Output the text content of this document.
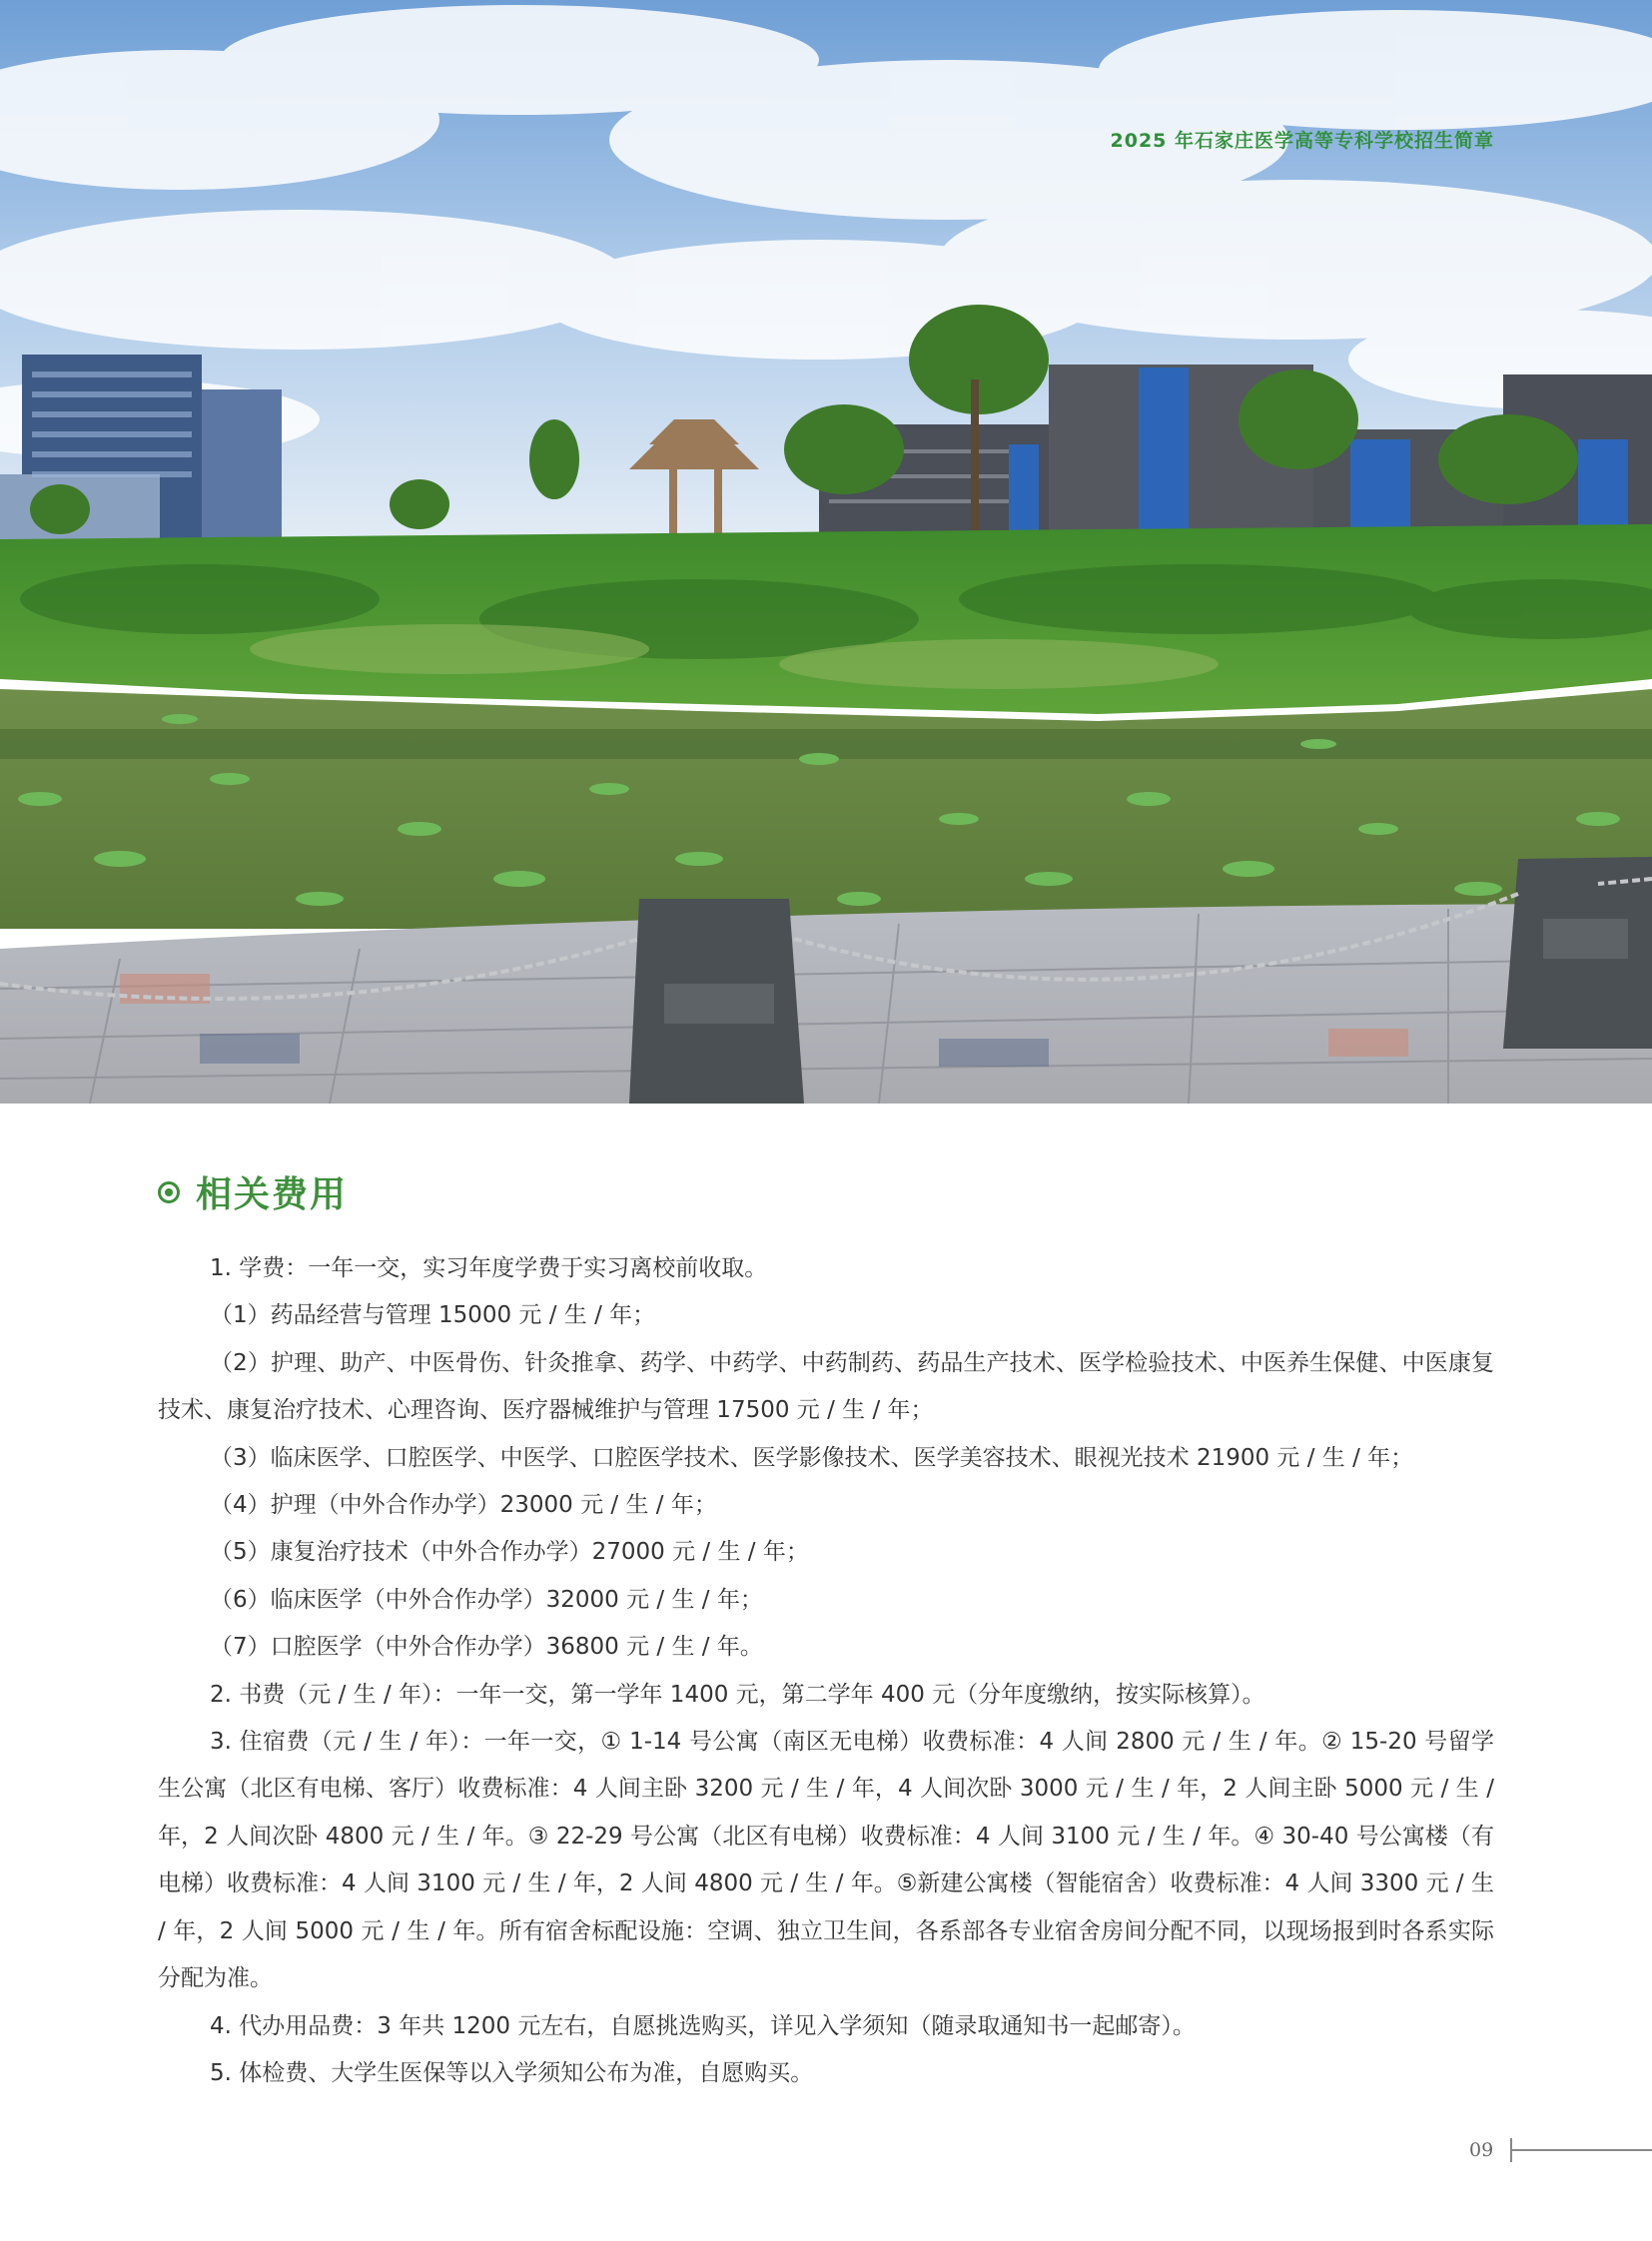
2025 年石家庄医学高等专科学校招生简章
相关费用

1. 学费：一年一交，实习年度学费于实习离校前收取。

（1）药品经营与管理 15000 元 / 生 / 年；

（2）护理、助产、中医骨伤、针灸推拿、药学、中药学、中药制药、药品生产技术、医学检验技术、中医养生保健、中医康复技术、康复治疗技术、心理咨询、医疗器械维护与管理 17500 元 / 生 / 年；

（3）临床医学、口腔医学、中医学、口腔医学技术、医学影像技术、医学美容技术、眼视光技术 21900 元 / 生 / 年；

（4）护理（中外合作办学）23000 元 / 生 / 年；

（5）康复治疗技术（中外合作办学）27000 元 / 生 / 年；

（6）临床医学（中外合作办学）32000 元 / 生 / 年；

（7）口腔医学（中外合作办学）36800 元 / 生 / 年。

2. 书费（元 / 生 / 年）：一年一交，第一学年 1400 元，第二学年 400 元（分年度缴纳，按实际核算）。

3. 住宿费（元 / 生 / 年）：一年一交，① 1-14 号公寓（南区无电梯）收费标准：4 人间 2800 元 / 生 / 年。② 15-20 号留学生公寓（北区有电梯、客厅）收费标准：4 人间主卧 3200 元 / 生 / 年，4 人间次卧 3000 元 / 生 / 年，2 人间主卧 5000 元 / 生 / 年，2 人间次卧 4800 元 / 生 / 年。③ 22-29 号公寓（北区有电梯）收费标准：4 人间 3100 元 / 生 / 年。④ 30-40 号公寓楼（有电梯）收费标准：4 人间 3100 元 / 生 / 年，2 人间 4800 元 / 生 / 年。⑤新建公寓楼（智能宿舍）收费标准：4 人间 3300 元 / 生 / 年，2 人间 5000 元 / 生 / 年。所有宿舍标配设施：空调、独立卫生间，各系部各专业宿舍房间分配不同，以现场报到时各系实际分配为准。

4. 代办用品费：3 年共 1200 元左右，自愿挑选购买，详见入学须知（随录取通知书一起邮寄）。

5. 体检费、大学生医保等以入学须知公布为准，自愿购买。

09
